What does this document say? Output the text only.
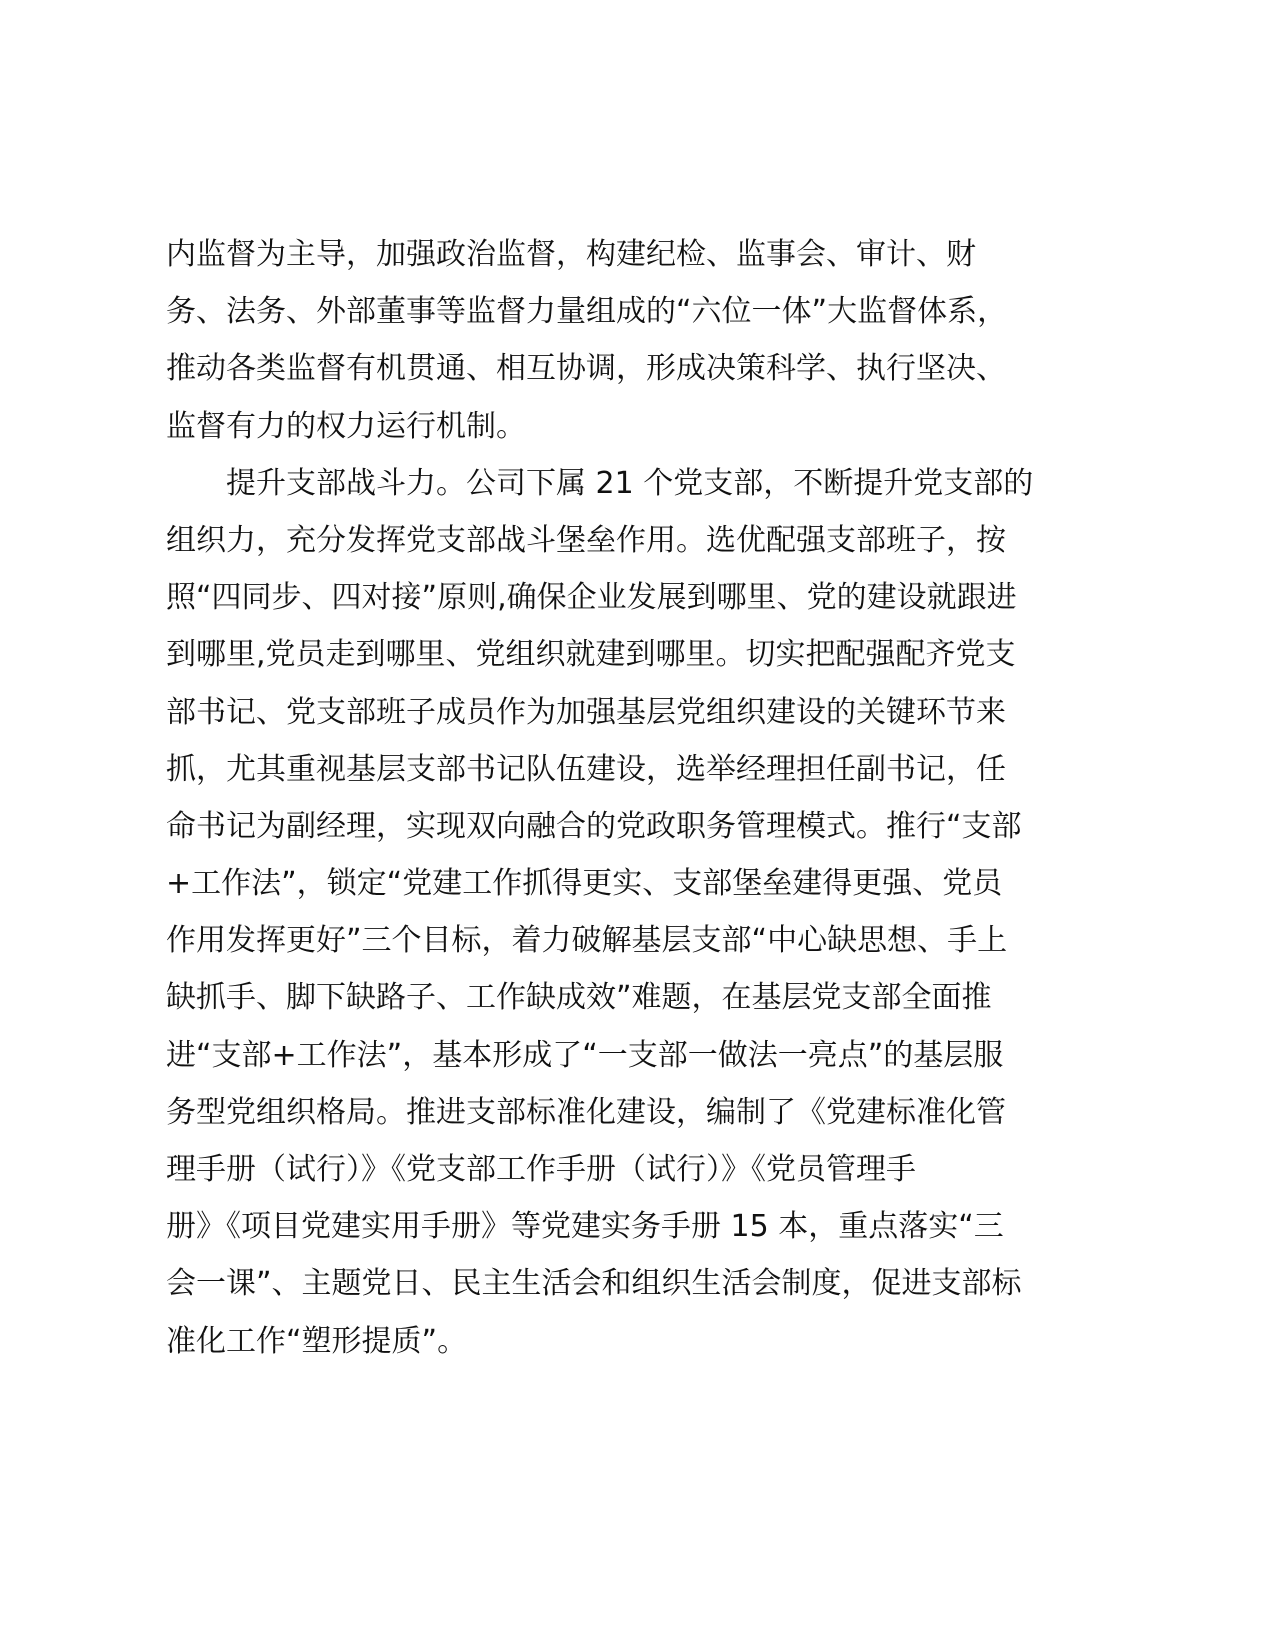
内监督为主导，加强政治监督，构建纪检、监事会、审计、财
务、法务、外部董事等监督力量组成的“六位一体”大监督体系，
推动各类监督有机贯通、相互协调，形成决策科学、执行坚决、
监督有力的权力运行机制。
提升支部战斗力。公司下属 21 个党支部，不断提升党支部的
组织力，充分发挥党支部战斗堡垒作用。选优配强支部班子，按
照“四同步、四对接”原则,确保企业发展到哪里、党的建设就跟进
到哪里,党员走到哪里、党组织就建到哪里。切实把配强配齐党支
部书记、党支部班子成员作为加强基层党组织建设的关键环节来
抓，尤其重视基层支部书记队伍建设，选举经理担任副书记，任
命书记为副经理，实现双向融合的党政职务管理模式。推行“支部
+工作法”，锁定“党建工作抓得更实、支部堡垒建得更强、党员
作用发挥更好”三个目标，着力破解基层支部“中心缺思想、手上
缺抓手、脚下缺路子、工作缺成效”难题，在基层党支部全面推
进“支部+工作法”，基本形成了“一支部一做法一亮点”的基层服
务型党组织格局。推进支部标准化建设，编制了《党建标准化管
理手册（试行）》《党支部工作手册（试行）》《党员管理手
册》《项目党建实用手册》等党建实务手册 15 本，重点落实“三
会一课”、主题党日、民主生活会和组织生活会制度，促进支部标
准化工作“塑形提质”。
